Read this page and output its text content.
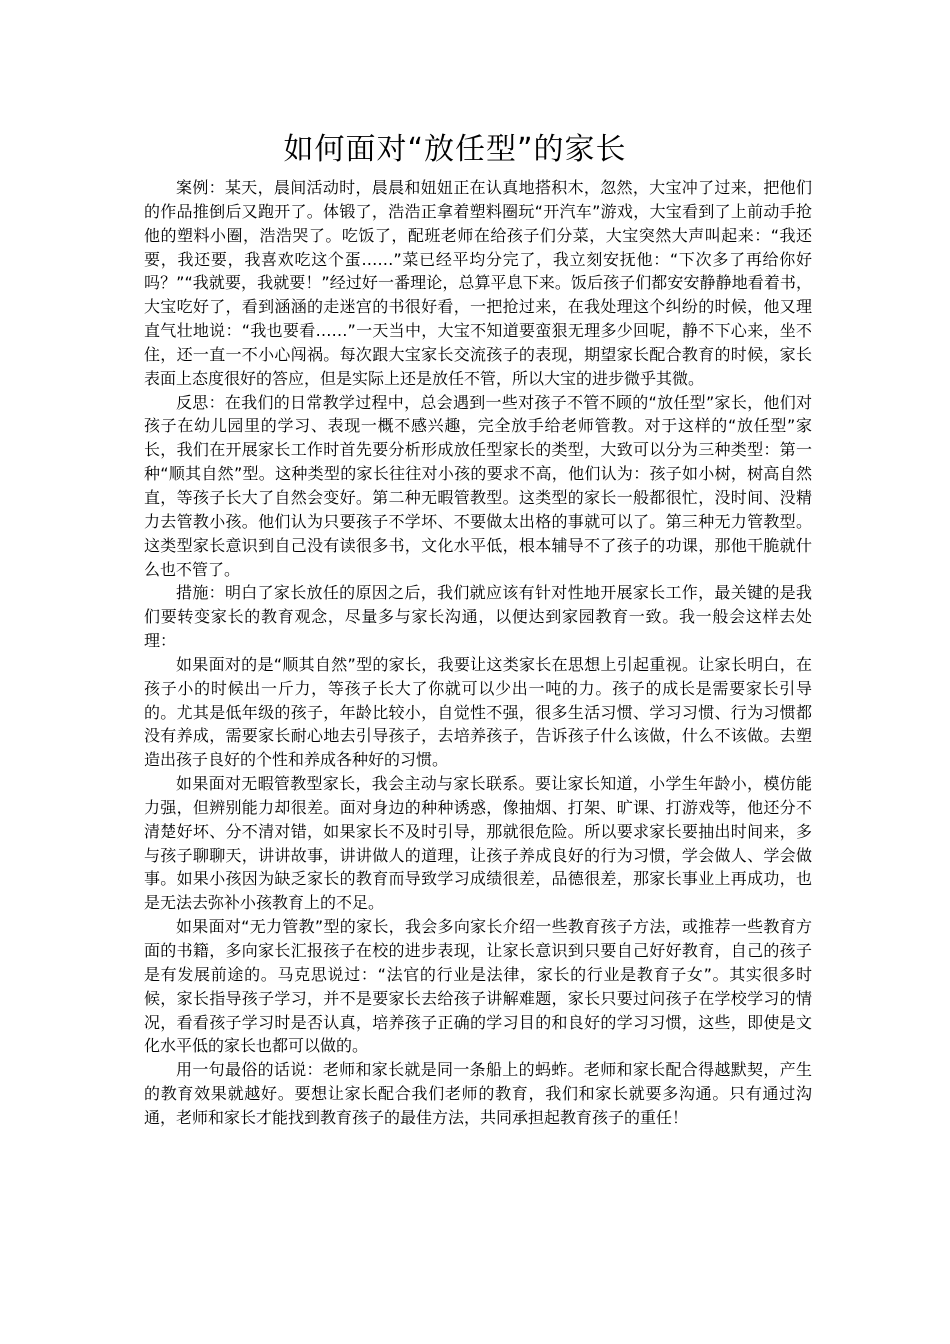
如何面对“放任型”的家长

案例：某天，晨间活动时，晨晨和妞妞正在认真地搭积木，忽然，大宝冲了过来，把他们的作品推倒后又跑开了。体锻了，浩浩正拿着塑料圈玩“开汽车”游戏，大宝看到了上前动手抢他的塑料小圈，浩浩哭了。吃饭了，配班老师在给孩子们分菜，大宝突然大声叫起来：“我还要，我还要，我喜欢吃这个蛋……”菜已经平均分完了，我立刻安抚他：“下次多了再给你好吗？”“我就要，我就要！”经过好一番理论，总算平息下来。饭后孩子们都安安静静地看着书，大宝吃好了，看到涵涵的走迷宫的书很好看，一把抢过来，在我处理这个纠纷的时候，他又理直气壮地说：“我也要看……”一天当中，大宝不知道要蛮狠无理多少回呢，静不下心来，坐不住，还一直一不小心闯祸。每次跟大宝家长交流孩子的表现，期望家长配合教育的时候，家长表面上态度很好的答应，但是实际上还是放任不管，所以大宝的进步微乎其微。

反思：在我们的日常教学过程中，总会遇到一些对孩子不管不顾的“放任型”家长，他们对孩子在幼儿园里的学习、表现一概不感兴趣，完全放手给老师管教。对于这样的“放任型”家长，我们在开展家长工作时首先要分析形成放任型家长的类型，大致可以分为三种类型：第一种“顺其自然”型。这种类型的家长往往对小孩的要求不高，他们认为：孩子如小树，树高自然直，等孩子长大了自然会变好。第二种无暇管教型。这类型的家长一般都很忙，没时间、没精力去管教小孩。他们认为只要孩子不学坏、不要做太出格的事就可以了。第三种无力管教型。这类型家长意识到自己没有读很多书，文化水平低，根本辅导不了孩子的功课，那他干脆就什么也不管了。

措施：明白了家长放任的原因之后，我们就应该有针对性地开展家长工作，最关键的是我们要转变家长的教育观念，尽量多与家长沟通，以便达到家园教育一致。我一般会这样去处理：

如果面对的是“顺其自然”型的家长，我要让这类家长在思想上引起重视。让家长明白，在孩子小的时候出一斤力，等孩子长大了你就可以少出一吨的力。孩子的成长是需要家长引导的。尤其是低年级的孩子，年龄比较小，自觉性不强，很多生活习惯、学习习惯、行为习惯都没有养成，需要家长耐心地去引导孩子，去培养孩子，告诉孩子什么该做，什么不该做。去塑造出孩子良好的个性和养成各种好的习惯。

如果面对无暇管教型家长，我会主动与家长联系。要让家长知道，小学生年龄小，模仿能力强，但辨别能力却很差。面对身边的种种诱惑，像抽烟、打架、旷课、打游戏等，他还分不清楚好坏、分不清对错，如果家长不及时引导，那就很危险。所以要求家长要抽出时间来，多与孩子聊聊天，讲讲故事，讲讲做人的道理，让孩子养成良好的行为习惯，学会做人、学会做事。如果小孩因为缺乏家长的教育而导致学习成绩很差，品德很差，那家长事业上再成功，也是无法去弥补小孩教育上的不足。

如果面对“无力管教”型的家长，我会多向家长介绍一些教育孩子方法，或推荐一些教育方面的书籍，多向家长汇报孩子在校的进步表现，让家长意识到只要自己好好教育，自己的孩子是有发展前途的。马克思说过：“法官的行业是法律，家长的行业是教育子女”。其实很多时候，家长指导孩子学习，并不是要家长去给孩子讲解难题，家长只要过问孩子在学校学习的情况，看看孩子学习时是否认真，培养孩子正确的学习目的和良好的学习习惯，这些，即使是文化水平低的家长也都可以做的。

用一句最俗的话说：老师和家长就是同一条船上的蚂蚱。老师和家长配合得越默契，产生的教育效果就越好。要想让家长配合我们老师的教育，我们和家长就要多沟通。只有通过沟通，老师和家长才能找到教育孩子的最佳方法，共同承担起教育孩子的重任！
